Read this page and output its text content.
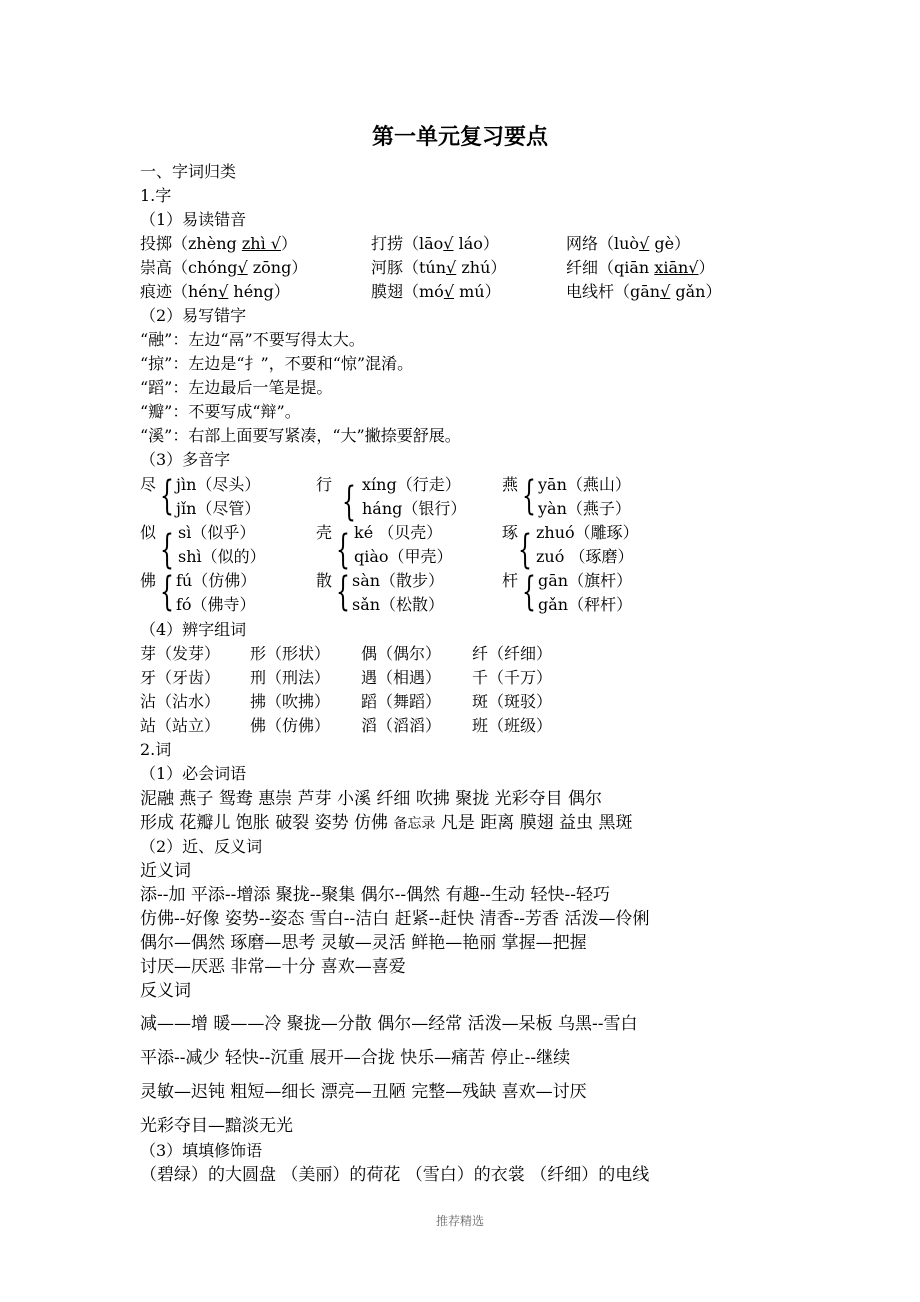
第一单元复习要点
一、字词归类
1.字
（1）易读错音
投掷（zhèng zhì √）	打捞（lāo√ láo）	网络（luò√ gè）
崇高（chóng√ zōng）	河豚（tún√ zhú）	纤细（qiān xiān√）
痕迹（hén√ héng）	膜翅（mó√ mú）	电线杆（gān√ gǎn）
（2）易写错字
“融”：左边“鬲”不要写得太大。
“掠”：左边是“扌”，不要和“惊”混淆。
“蹈”：左边最后一笔是提。
“瓣”：不要写成“辩”。
“溪”：右部上面要写紧凑，“大”撇捺要舒展。
（3）多音字
尽 { jìn（尽头）
jǐn（尽管）
行 { xíng（行走）
háng（银行）
燕 { yān（燕山）
yàn（燕子）
似 { sì（似乎）
shì（似的）
壳 { ké （贝壳）
qiào（甲壳）
琢 { zhuó（雕琢）
zuó （琢磨）
佛 { fú（仿佛）
fó（佛寺）
散 { sàn（散步）
sǎn（松散）
杆 { gān（旗杆）
gǎn（秤杆）
（4）辨字组词
芽（发芽） 形（形状） 偶（偶尔） 纤（纤细）
牙（牙齿） 刑（刑法） 遇（相遇） 千（千万）
沾（沾水） 拂（吹拂） 蹈（舞蹈） 斑（斑驳）
站（站立） 佛（仿佛） 滔（滔滔） 班（班级）
2.词
（1）必会词语
泥融 燕子 鸳鸯 惠崇 芦芽 小溪 纤细 吹拂 聚拢 光彩夺目 偶尔
形成 花瓣儿 饱胀 破裂 姿势 仿佛 备忘录 凡是 距离 膜翅 益虫 黑斑
（2）近、反义词
近义词
添--加 平添--增添 聚拢--聚集 偶尔--偶然 有趣--生动 轻快--轻巧
仿佛--好像 姿势--姿态 雪白--洁白 赶紧--赶快 清香--芳香 活泼—伶俐
偶尔—偶然 琢磨—思考 灵敏—灵活 鲜艳—艳丽 掌握—把握
讨厌—厌恶 非常—十分 喜欢—喜爱
反义词
减——增 暖——冷 聚拢—分散 偶尔—经常 活泼—呆板 乌黑--雪白
平添--减少 轻快--沉重 展开—合拢 快乐—痛苦 停止--继续
灵敏—迟钝 粗短—细长 漂亮—丑陋 完整—残缺 喜欢—讨厌
光彩夺目—黯淡无光
（3）填填修饰语
（碧绿）的大圆盘 （美丽）的荷花 （雪白）的衣裳 （纤细）的电线
推荐精选
